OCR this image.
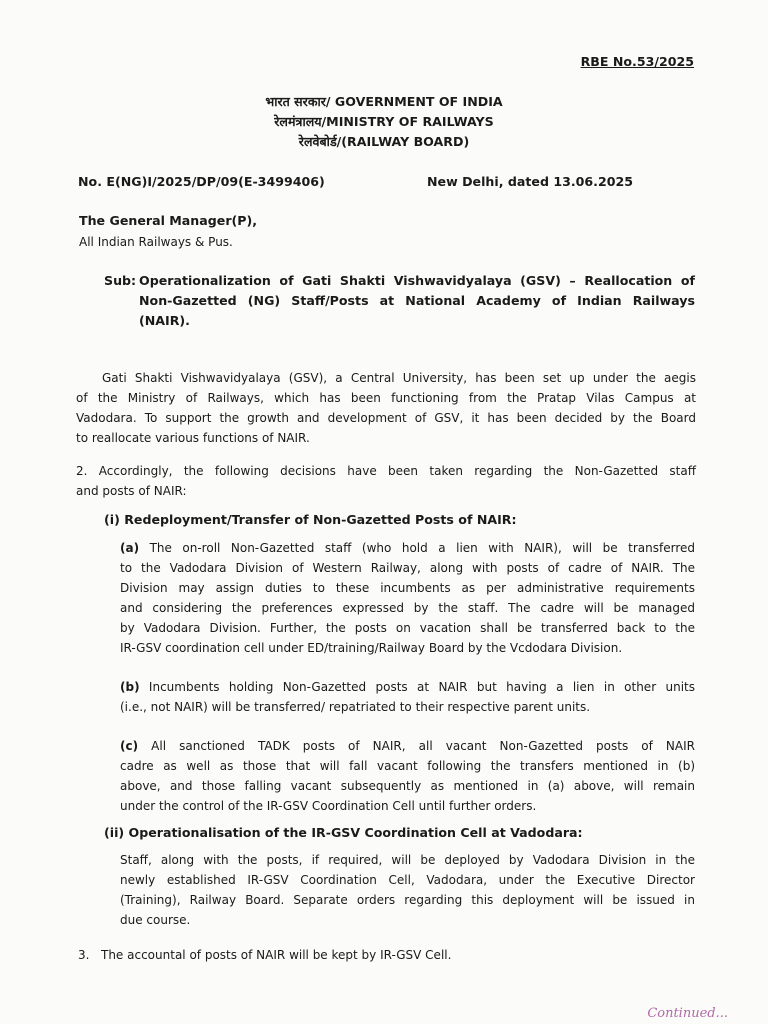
RBE No.53/2025
भारत सरकार/ GOVERNMENT OF INDIA
रेलमंत्रालय/MINISTRY OF RAILWAYS
रेलवेबोर्ड/(RAILWAY BOARD)
No. E(NG)I/2025/DP/09(E-3499406)	New Delhi, dated 13.06.2025
The General Manager(P),
All Indian Railways & Pus.
Sub: Operationalization of Gati Shakti Vishwavidyalaya (GSV) – Reallocation of
Non-Gazetted (NG) Staff/Posts at National Academy of Indian Railways
(NAIR).
Gati Shakti Vishwavidyalaya (GSV), a Central University, has been set up under the aegis
of the Ministry of Railways, which has been functioning from the Pratap Vilas Campus at
Vadodara. To support the growth and development of GSV, it has been decided by the Board
to reallocate various functions of NAIR.
2. Accordingly, the following decisions have been taken regarding the Non-Gazetted staff
and posts of NAIR:
(i) Redeployment/Transfer of Non-Gazetted Posts of NAIR:
(a) The on-roll Non-Gazetted staff (who hold a lien with NAIR), will be transferred
to the Vadodara Division of Western Railway, along with posts of cadre of NAIR. The
Division may assign duties to these incumbents as per administrative requirements
and considering the preferences expressed by the staff. The cadre will be managed
by Vadodara Division. Further, the posts on vacation shall be transferred back to the
IR-GSV coordination cell under ED/training/Railway Board by the Vcdodara Division.
(b) Incumbents holding Non-Gazetted posts at NAIR but having a lien in other units
(i.e., not NAIR) will be transferred/ repatriated to their respective parent units.
(c) All sanctioned TADK posts of NAIR, all vacant Non-Gazetted posts of NAIR
cadre as well as those that will fall vacant following the transfers mentioned in (b)
above, and those falling vacant subsequently as mentioned in (a) above, will remain
under the control of the IR-GSV Coordination Cell until further orders.
(ii) Operationalisation of the IR-GSV Coordination Cell at Vadodara:
Staff, along with the posts, if required, will be deployed by Vadodara Division in the
newly established IR-GSV Coordination Cell, Vadodara, under the Executive Director
(Training), Railway Board. Separate orders regarding this deployment will be issued in
due course.
3. The accountal of posts of NAIR will be kept by IR-GSV Cell.
Continued...
